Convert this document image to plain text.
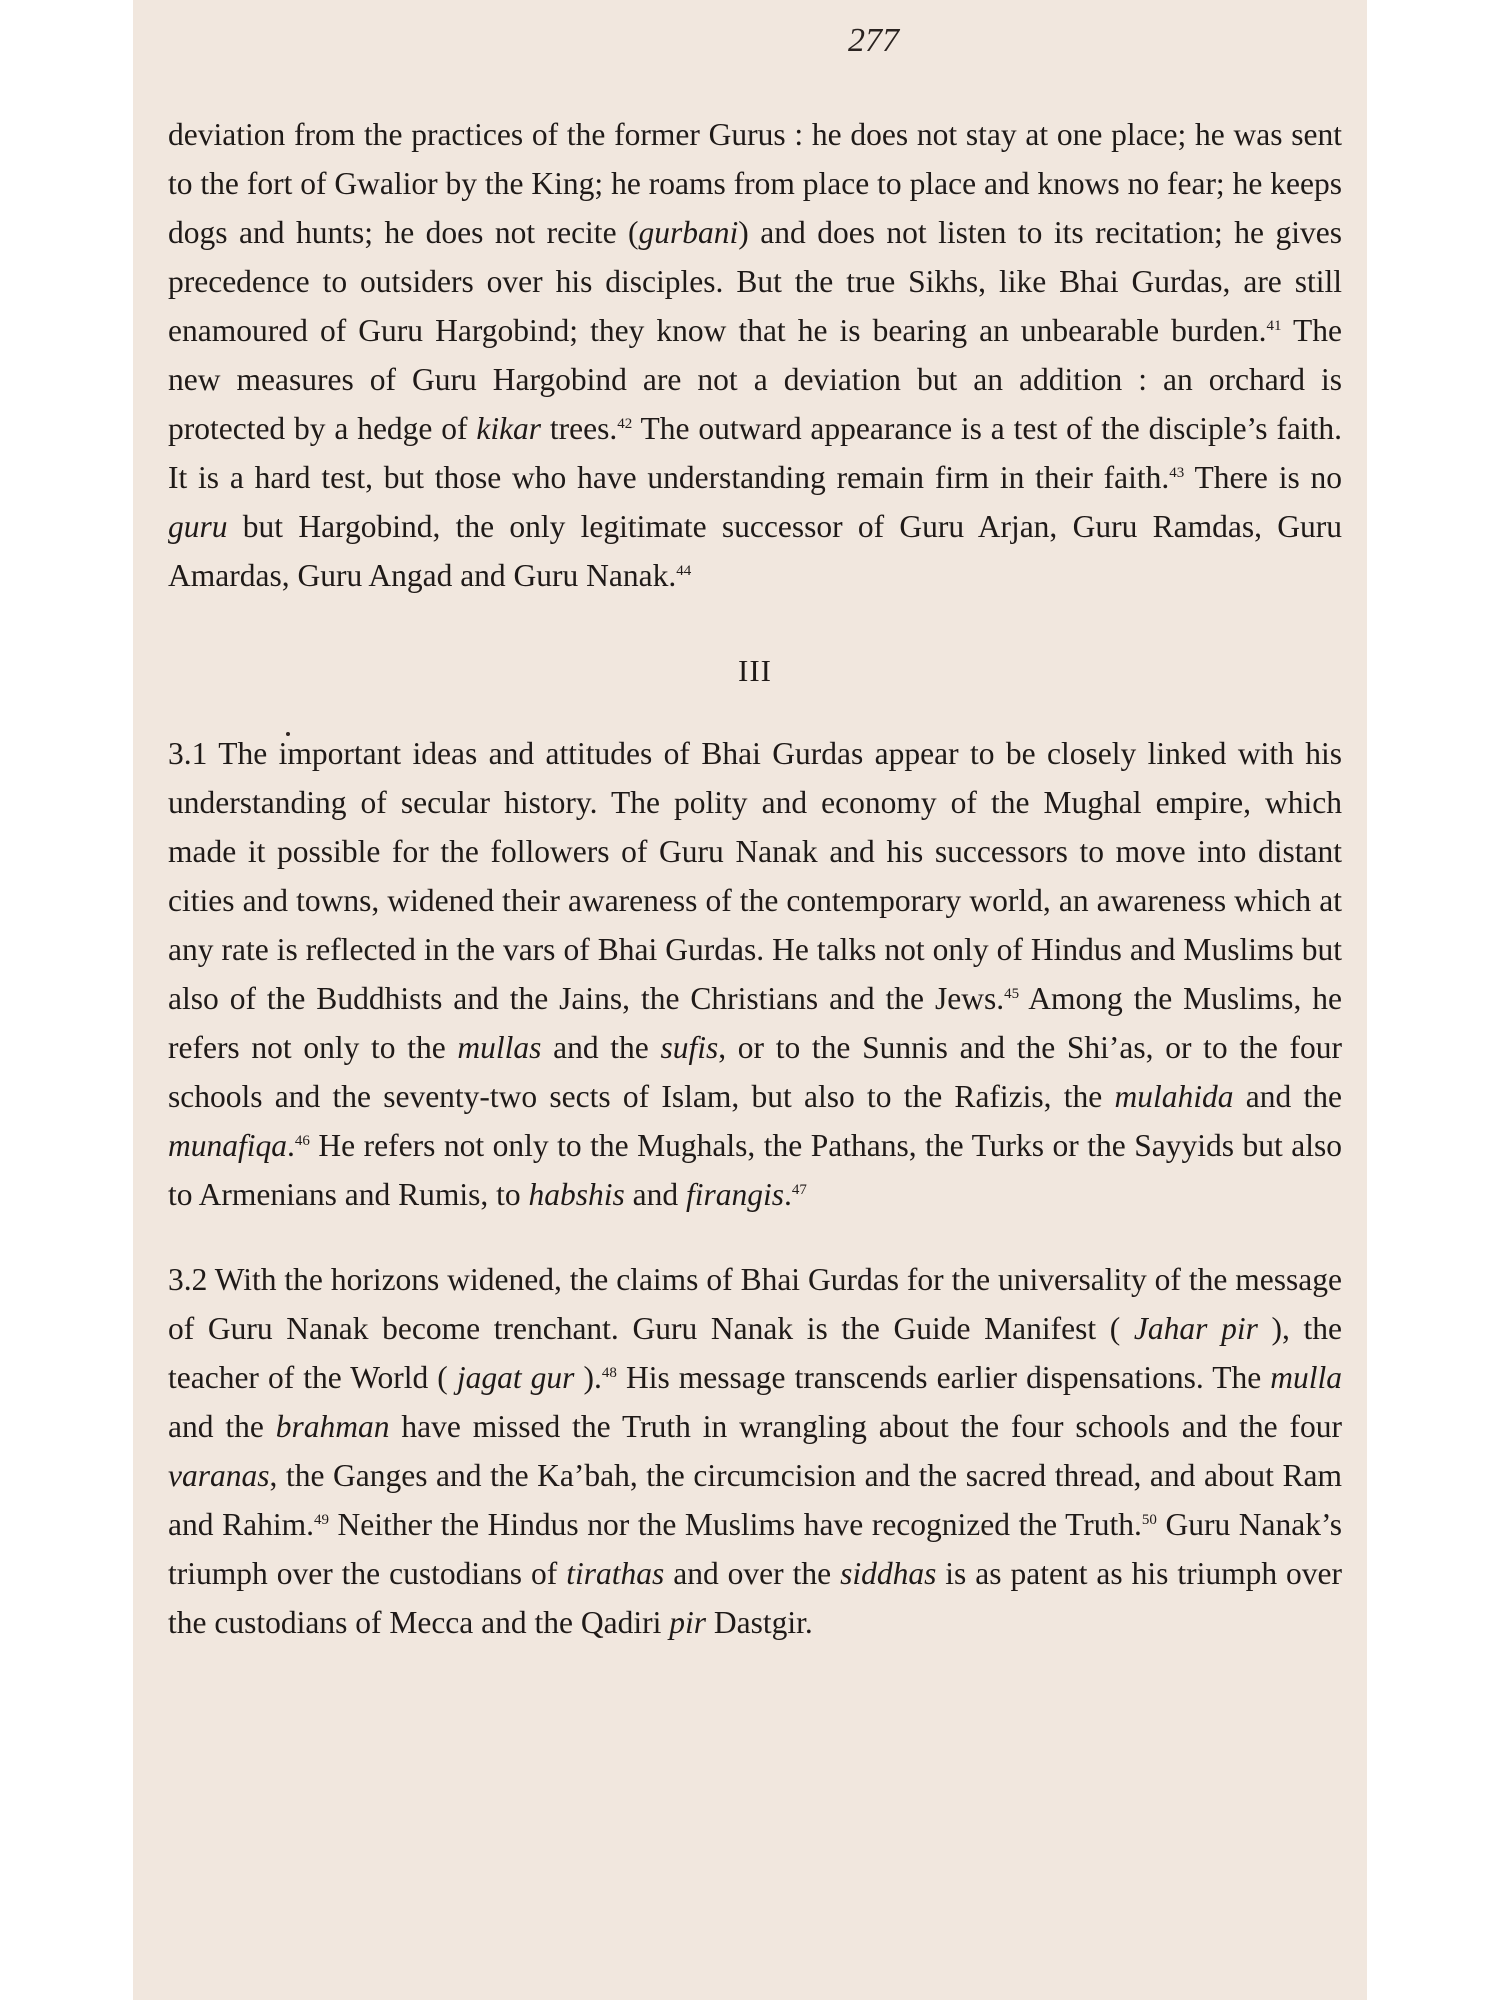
277

deviation from the practices of the former Gurus : he does not stay at one place; he was sent to the fort of Gwalior by the King; he roams from place to place and knows no fear; he keeps dogs and hunts; he does not recite (gurbani) and does not listen to its recitation; he gives precedence to outsiders over his disciples. But the true Sikhs, like Bhai Gurdas, are still enamoured of Guru Hargobind; they know that he is bearing an unbearable burden.$^{41}$ The new measures of Guru Hargobind are not a deviation but an addition : an orchard is protected by a hedge of kikar trees.$^{42}$ The outward appearance is a test of the disciple’s faith. It is a hard test, but those who have understanding remain firm in their faith.$^{43}$ There is no guru but Hargobind, the only legitimate successor of Guru Arjan, Guru Ramdas, Guru Amardas, Guru Angad and Guru Nanak.$^{44}$

III

3.1 The important ideas and attitudes of Bhai Gurdas appear to be closely linked with his understanding of secular history. The polity and economy of the Mughal empire, which made it possible for the followers of Guru Nanak and his successors to move into distant cities and towns, widened their awareness of the contemporary world, an awareness which at any rate is reflected in the vars of Bhai Gurdas. He talks not only of Hindus and Muslims but also of the Buddhists and the Jains, the Christians and the Jews.$^{45}$ Among the Muslims, he refers not only to the mullas and the sufis, or to the Sunnis and the Shi’as, or to the four schools and the seventy-two sects of Islam, but also to the Rafizis, the mulahida and the munafiqa.$^{46}$ He refers not only to the Mughals, the Pathans, the Turks or the Sayyids but also to Armenians and Rumis, to habshis and firangis.$^{47}$

3.2 With the horizons widened, the claims of Bhai Gurdas for the universality of the message of Guru Nanak become trenchant. Guru Nanak is the Guide Manifest ( Jahar pir ), the teacher of the World ( jagat gur ).$^{48}$ His message transcends earlier dispensations. The mulla and the brahman have missed the Truth in wrangling about the four schools and the four varanas, the Ganges and the Ka’bah, the circumcision and the sacred thread, and about Ram and Rahim.$^{49}$ Neither the Hindus nor the Muslims have recognized the Truth.$^{50}$ Guru Nanak’s triumph over the custodians of tirathas and over the siddhas is as patent as his triumph over the custodians of Mecca and the Qadiri pir Dastgir.
